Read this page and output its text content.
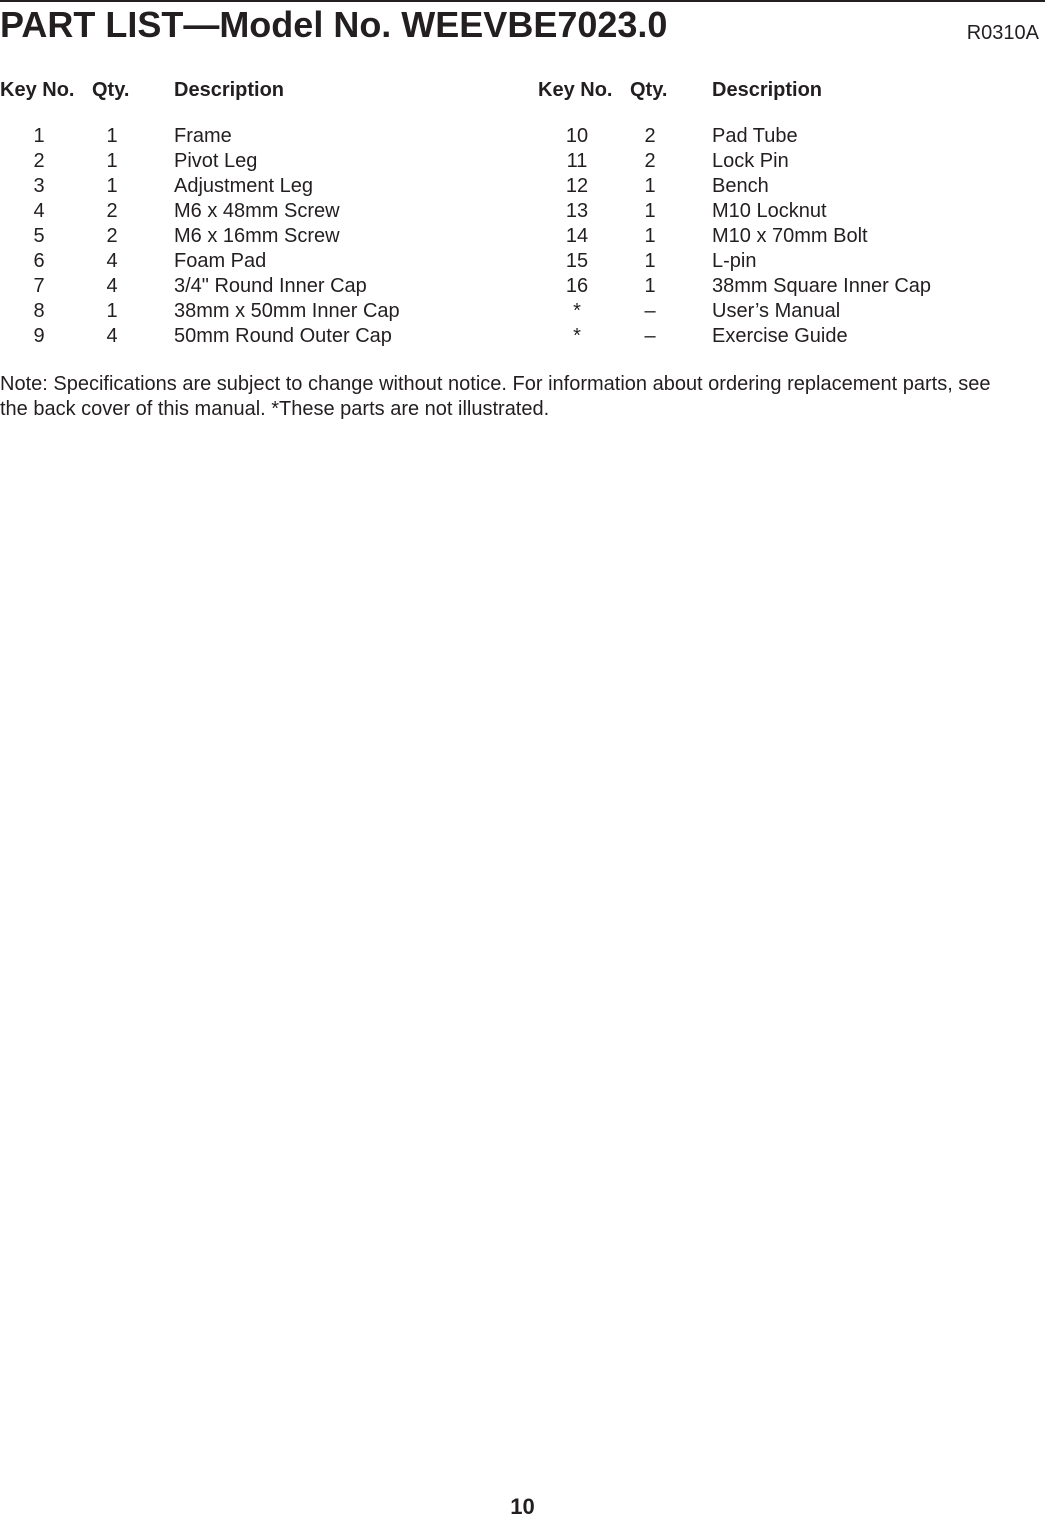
PART LIST—Model No. WEEVBE7023.0	R0310A
Key No. Qty. Description
1	1	Frame
2	1	Pivot Leg
3	1	Adjustment Leg
4	2	M6 x 48mm Screw
5	2	M6 x 16mm Screw
6	4	Foam Pad
7	4	3/4" Round Inner Cap
8	1	38mm x 50mm Inner Cap
9	4	50mm Round Outer Cap
Key No. Qty. Description
10	2	Pad Tube
11	2	Lock Pin
12	1	Bench
13	1	M10 Locknut
14	1	M10 x 70mm Bolt
15	1	L-pin
16	1	38mm Square Inner Cap
*	–	User’s Manual
*	–	Exercise Guide

Note: Specifications are subject to change without notice. For information about ordering replacement parts, see

the back cover of this manual. *These parts are not illustrated.

10
